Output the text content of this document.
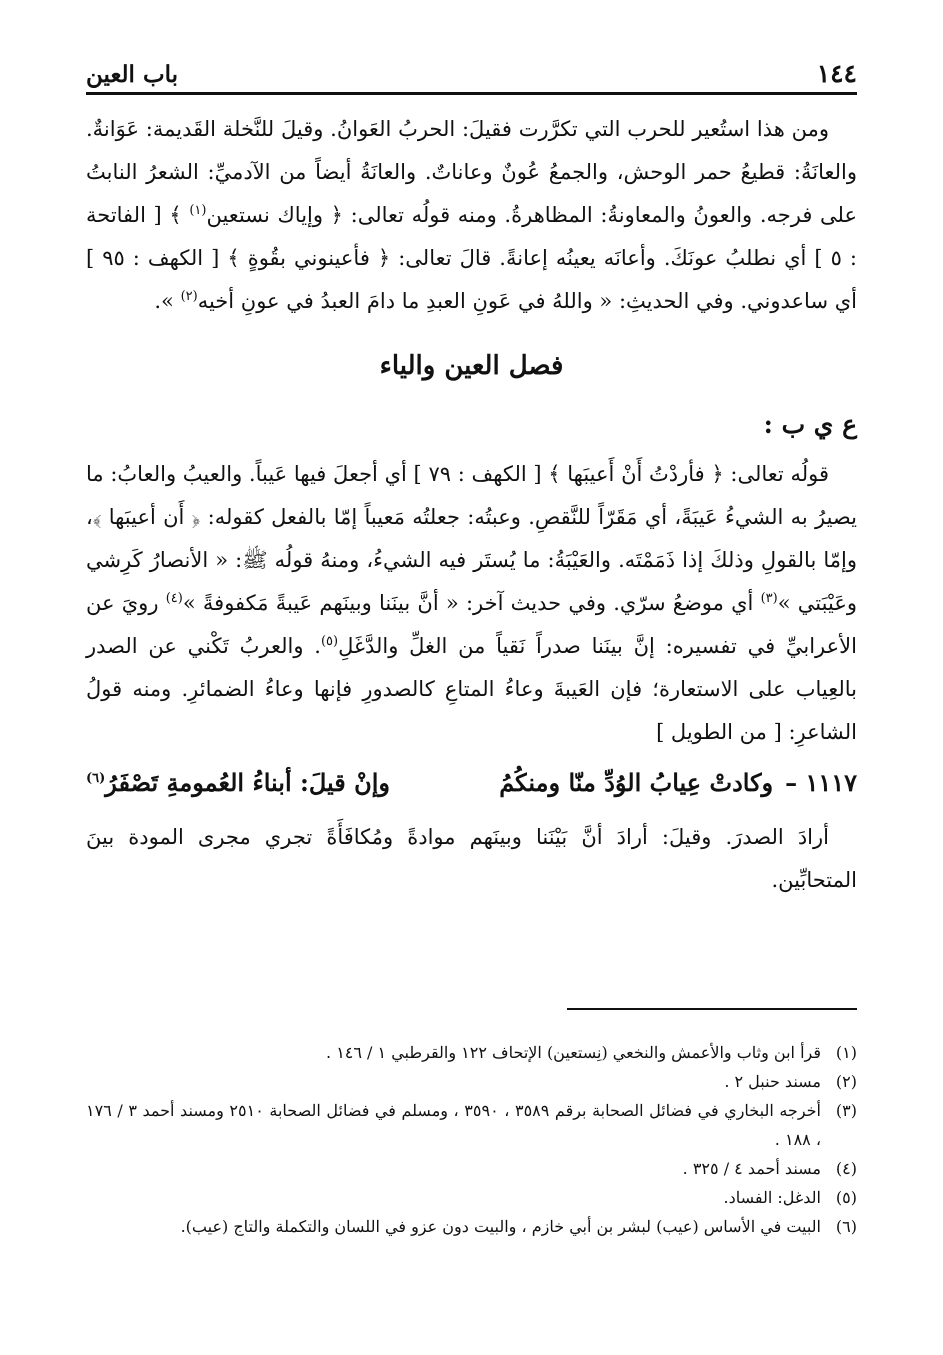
١٤٤
باب العين

ومن هذا استُعير للحرب التي تكرَّرت فقيلَ: الحربُ العَوانُ. وقيلَ للنَّخلة القَديمة: عَوَانةٌ. والعانَةُ: قطيعُ حمر الوحش، والجمعُ عُونٌ وعاناتٌ. والعانَةُ أيضاً من الآدميِّ: الشعرُ النابتُ على فرجه. والعونُ والمعاونةُ: المظاهرةُ. ومنه قولُه تعالى: ﴿ وإياك نستعين$^{(١)}$ ﴾ [ الفاتحة : ٥ ] أي نطلبُ عونَكَ. وأعانَه يعينُه إعانةً. قالَ تعالى: ﴿ فأعينوني بقُوةٍ ﴾ [ الكهف : ٩٥ ] أي ساعدوني. وفي الحديثِ: « واللهُ في عَونِ العبدِ ما دامَ العبدُ في عونِ أخيه$^{(٢)}$ ».

فصل العين والياء
ع ي ب :

قولُه تعالى: ﴿ فأردْتُ أَنْ أَعيبَها ﴾ [ الكهف : ٧٩ ] أي أجعلَ فيها عَيباً. والعيبُ والعابُ: ما يصيرُ به الشيءُ عَيبَةً، أي مَقَرّاً للنَّقصِ. وعبتُه: جعلتُه مَعيباً إمّا بالفعل كقوله: ﴿ أَن أعيبَها ﴾، وإمّا بالقولِ وذلكَ إذا ذَمَمْتَه. والعَيْبَةُ: ما يُستَر فيه الشيءُ، ومنهُ قولُه ﷺ: « الأنصارُ كَرِشي وعَيْبَتي »$^{(٣)}$ أي موضعُ سرّي. وفي حديث آخر: « أنَّ بينَنا وبينَهم عَيبةً مَكفوفةً »$^{(٤)}$ رويَ عن الأعرابيِّ في تفسيره: إنَّ بينَنا صدراً نَقياً من الغلِّ والدَّغَلِ$^{(٥)}$. والعربُ تَكْني عن الصدر بالعِياب على الاستعارة؛ فإن العَيبةَ وعاءُ المتاعِ كالصدورِ فإنها وعاءُ الضمائرِ. ومنه قولُ الشاعرِ: [ من الطويل ]

١١١٧ –وكادتْ عِيابُ الوُدِّ منّا ومنكُمُ
وإنْ قيلَ: أبناءُ العُمومةِ تَصْفَرُ$^{(٦)}$

أرادَ الصدرَ. وقيلَ: أرادَ أنَّ بَيْنَنا وبينَهم موادةً ومُكافَأَةً تجري مجرى المودة بينَ المتحابِّين.

(١)
قرأ ابن وثاب والأعمش والنخعي (نِستعين) الإتحاف ١٢٢ والقرطبي ١ / ١٤٦ .

(٢)
مسند حنبل ٢ .

(٣)
أخرجه البخاري في فضائل الصحابة برقم ٣٥٨٩ ، ٣٥٩٠ ، ومسلم في فضائل الصحابة ٢٥١٠ ومسند أحمد ٣ / ١٧٦ ، ١٨٨ .

(٤)
مسند أحمد ٤ / ٣٢٥ .

(٥)
الدغل: الفساد.

(٦)
البيت في الأساس (عيب) لبشر بن أبي خازم ، والبيت دون عزو في اللسان والتكملة والتاج (عيب).
